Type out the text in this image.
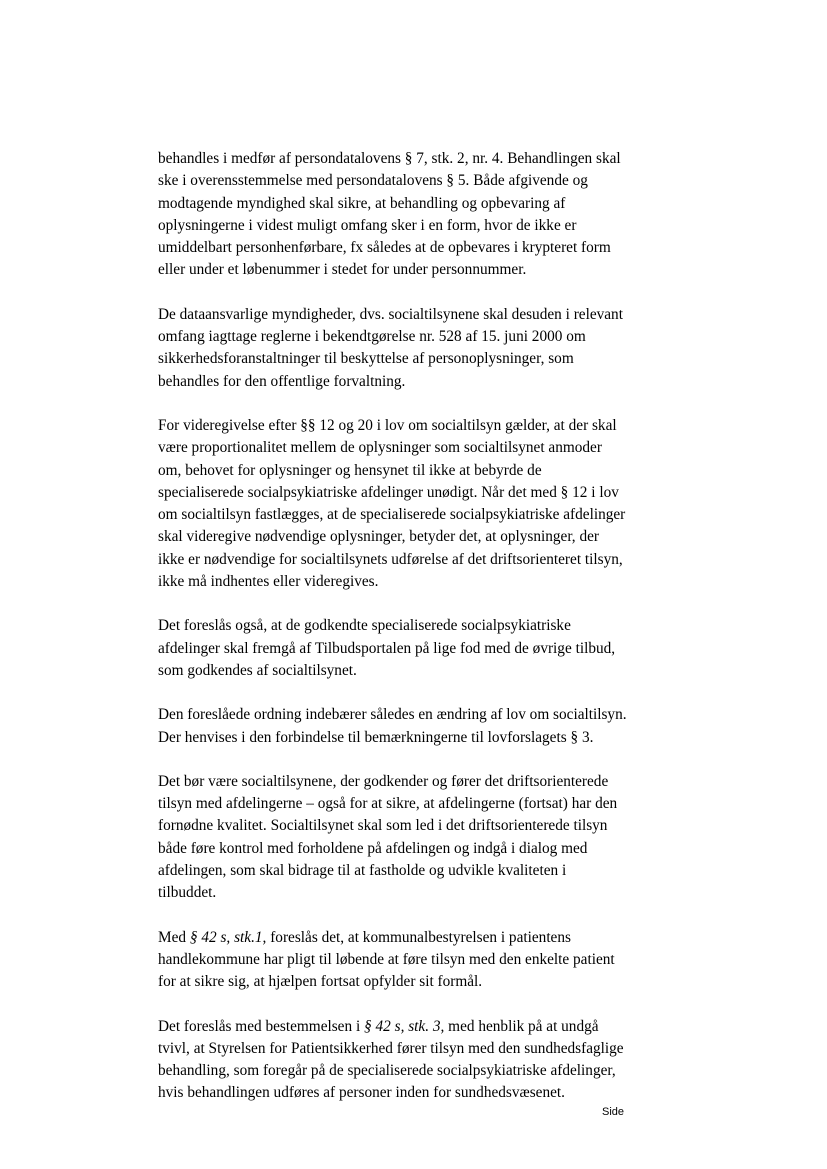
behandles i medfør af persondatalovens § 7, stk. 2, nr. 4. Behandlingen skal
ske i overensstemmelse med persondatalovens § 5. Både afgivende og
modtagende myndighed skal sikre, at behandling og opbevaring af
oplysningerne i videst muligt omfang sker i en form, hvor de ikke er
umiddelbart personhenførbare, fx således at de opbevares i krypteret form
eller under et løbenummer i stedet for under personnummer.

De dataansvarlige myndigheder, dvs. socialtilsynene skal desuden i relevant
omfang iagttage reglerne i bekendtgørelse nr. 528 af 15. juni 2000 om
sikkerhedsforanstaltninger til beskyttelse af personoplysninger, som
behandles for den offentlige forvaltning.

For videregivelse efter §§ 12 og 20 i lov om socialtilsyn gælder, at der skal
være proportionalitet mellem de oplysninger som socialtilsynet anmoder
om, behovet for oplysninger og hensynet til ikke at bebyrde de
specialiserede socialpsykiatriske afdelinger unødigt. Når det med § 12 i lov
om socialtilsyn fastlægges, at de specialiserede socialpsykiatriske afdelinger
skal videregive nødvendige oplysninger, betyder det, at oplysninger, der
ikke er nødvendige for socialtilsynets udførelse af det driftsorienteret tilsyn,
ikke må indhentes eller videregives.

Det foreslås også, at de godkendte specialiserede socialpsykiatriske
afdelinger skal fremgå af Tilbudsportalen på lige fod med de øvrige tilbud,
som godkendes af socialtilsynet.

Den foreslåede ordning indebærer således en ændring af lov om socialtilsyn.
Der henvises i den forbindelse til bemærkningerne til lovforslagets § 3.

Det bør være socialtilsynene, der godkender og fører det driftsorienterede
tilsyn med afdelingerne – også for at sikre, at afdelingerne (fortsat) har den
fornødne kvalitet. Socialtilsynet skal som led i det driftsorienterede tilsyn
både føre kontrol med forholdene på afdelingen og indgå i dialog med
afdelingen, som skal bidrage til at fastholde og udvikle kvaliteten i
tilbuddet.

Med § 42 s, stk.1, foreslås det, at kommunalbestyrelsen i patientens
handlekommune har pligt til løbende at føre tilsyn med den enkelte patient
for at sikre sig, at hjælpen fortsat opfylder sit formål.

Det foreslås med bestemmelsen i § 42 s, stk. 3, med henblik på at undgå
tvivl, at Styrelsen for Patientsikkerhed fører tilsyn med den sundhedsfaglige
behandling, som foregår på de specialiserede socialpsykiatriske afdelinger,
hvis behandlingen udføres af personer inden for sundhedsvæsenet.

Side
